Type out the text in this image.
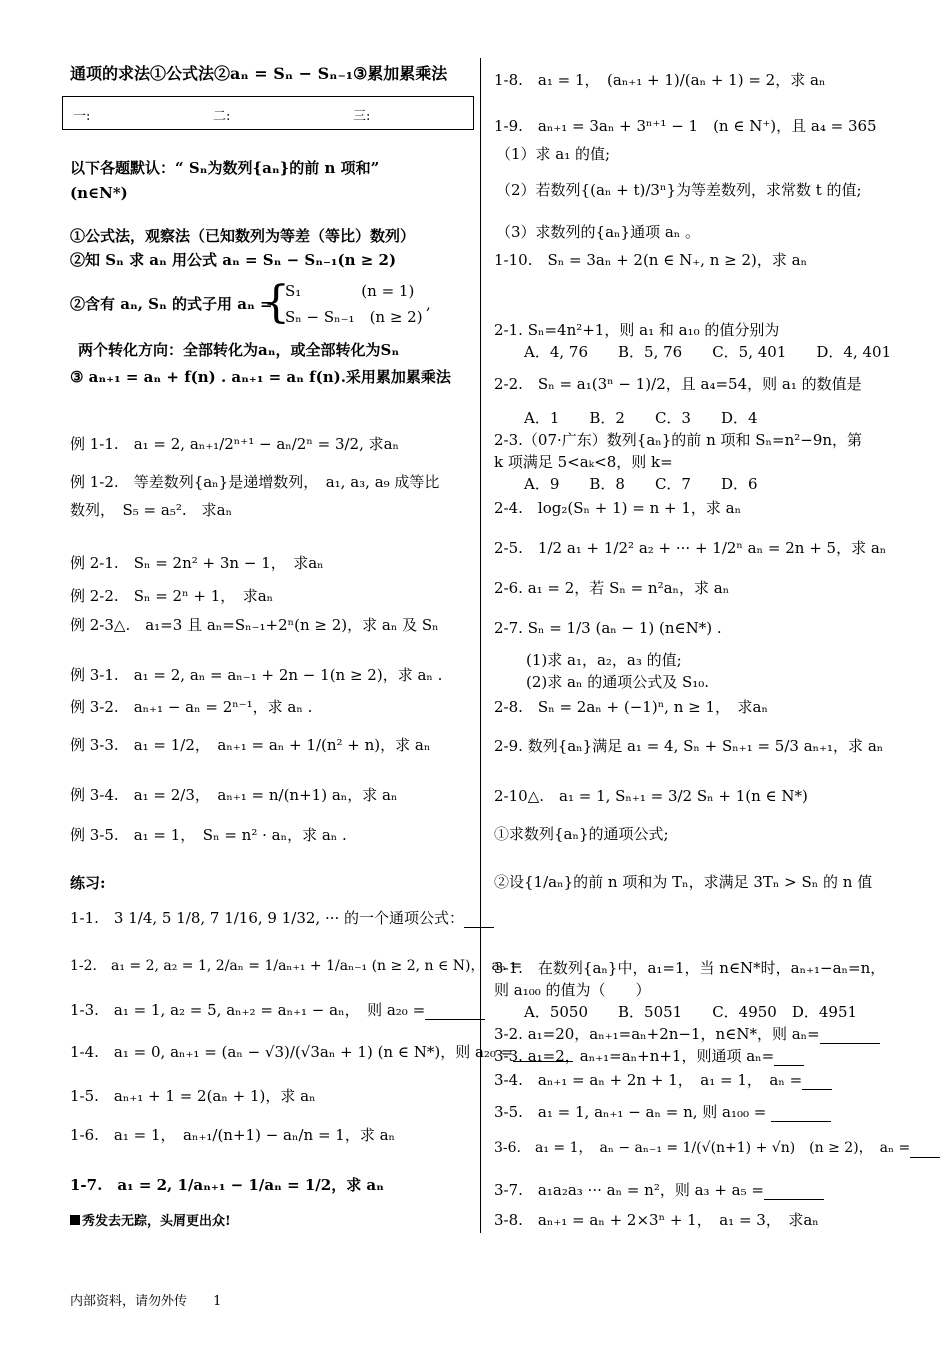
通项的求法①公式法②aₙ = Sₙ − Sₙ₋₁③累加累乘法
一:	二:	三:
以下各题默认：“ Sₙ为数列{aₙ}的前 n 项和”
(n∈N*)
①公式法，观察法（已知数列为等差（等比）数列）
②知 Sₙ 求 aₙ 用公式 aₙ = Sₙ − Sₙ₋₁(n ≥ 2)
②含有 aₙ, Sₙ 的式子用 aₙ =
{
S₁　　　　(n = 1)
Sₙ − Sₙ₋₁　(n ≥ 2)
,
两个转化方向：全部转化为aₙ，或全部转化为Sₙ
③ aₙ₊₁ = aₙ + f(n) . aₙ₊₁ = aₙ f(n).采用累加累乘法
例 1-1.　a₁ = 2, aₙ₊₁/2ⁿ⁺¹ − aₙ/2ⁿ = 3/2, 求aₙ
例 1-2.　等差数列{aₙ}是递增数列，　a₁, a₃, a₉ 成等比
数列，　S₅ = a₅².　求aₙ
例 2-1.　Sₙ = 2n² + 3n − 1，　求aₙ
例 2-2.　Sₙ = 2ⁿ + 1，　求aₙ
例 2-3△.　a₁=3 且 aₙ=Sₙ₋₁+2ⁿ(n ≥ 2)，求 aₙ 及 Sₙ
例 3-1.　a₁ = 2, aₙ = aₙ₋₁ + 2n − 1(n ≥ 2)，求 aₙ .
例 3-2.　aₙ₊₁ − aₙ = 2ⁿ⁻¹，求 aₙ .
例 3-3.　a₁ = 1/2，　aₙ₊₁ = aₙ + 1/(n² + n)，求 aₙ
例 3-4.　a₁ = 2/3，　aₙ₊₁ = n/(n+1) aₙ，求 aₙ
例 3-5.　a₁ = 1，　Sₙ = n² · aₙ，求 aₙ .
练习:
1-1.　3 1/4, 5 1/8, 7 1/16, 9 1/32, ··· 的一个通项公式：
1-2.　a₁ = 2, a₂ = 1, 2/aₙ = 1/aₙ₊₁ + 1/aₙ₋₁ (n ≥ 2, n ∈ N)，　aₙ =
1-3.　a₁ = 1, a₂ = 5, aₙ₊₂ = aₙ₊₁ − aₙ，　则 a₂₀ =
1-4.　a₁ = 0, aₙ₊₁ = (aₙ − √3)/(√3aₙ + 1) (n ∈ N*)，则 a₂₀ =
1-5.　aₙ₊₁ + 1 = 2(aₙ + 1)，求 aₙ
1-6.　a₁ = 1，　aₙ₊₁/(n+1) − aₙ/n = 1，求 aₙ
1-7.　a₁ = 2, 1/aₙ₊₁ − 1/aₙ = 1/2，求 aₙ
秀发去无踪，头屑更出众!
1-8.　a₁ = 1，　(aₙ₊₁ + 1)/(aₙ + 1) = 2，求 aₙ
1-9.　aₙ₊₁ = 3aₙ + 3ⁿ⁺¹ − 1　(n ∈ N⁺)，且 a₄ = 365
（1）求 a₁ 的值;
（2）若数列{(aₙ + t)/3ⁿ}为等差数列，求常数 t 的值;
（3）求数列的{aₙ}通项 aₙ 。
1-10.　Sₙ = 3aₙ + 2(n ∈ N₊, n ≥ 2)，求 aₙ
2-1. Sₙ=4n²+1，则 a₁ 和 a₁₀ 的值分别为
A．4, 76　　B．5, 76　　C．5, 401　　D．4, 401
2-2.　Sₙ = a₁(3ⁿ − 1)/2，且 a₄=54，则 a₁ 的数值是
A．1　　B．2　　C．3　　D．4
2-3.（07·广东）数列{aₙ}的前 n 项和 Sₙ=n²−9n，第
k 项满足 5<aₖ<8，则 k=
A．9　　B．8　　C．7　　D．6
2-4.　log₂(Sₙ + 1) = n + 1，求 aₙ
2-5.　1/2 a₁ + 1/2² a₂ + ··· + 1/2ⁿ aₙ = 2n + 5，求 aₙ
2-6. a₁ = 2，若 Sₙ = n²aₙ，求 aₙ
2-7. Sₙ = 1/3 (aₙ − 1) (n∈N*) .
(1)求 a₁，a₂，a₃ 的值;
(2)求 aₙ 的通项公式及 S₁₀.
2-8.　Sₙ = 2aₙ + (−1)ⁿ, n ≥ 1，　求aₙ
2-9. 数列{aₙ}满足 a₁ = 4, Sₙ + Sₙ₊₁ = 5/3 aₙ₊₁，求 aₙ
2-10△.　a₁ = 1, Sₙ₊₁ = 3/2 Sₙ + 1(n ∈ N*)
①求数列{aₙ}的通项公式;
②设{1/aₙ}的前 n 项和为 Tₙ，求满足 3Tₙ > Sₙ 的 n 值
3-1.　在数列{aₙ}中，a₁=1，当 n∈N*时，aₙ₊₁−aₙ=n，
则 a₁₀₀ 的值为（　　）
A．5050　　B．5051　　C．4950　D．4951
3-2. a₁=20，aₙ₊₁=aₙ+2n−1，n∈N*，则 aₙ=
3-3. a₁=2，aₙ₊₁=aₙ+n+1，则通项 aₙ=
3-4.　aₙ₊₁ = aₙ + 2n + 1，　a₁ = 1，　aₙ =
3-5.　a₁ = 1, aₙ₊₁ − aₙ = n, 则 a₁₀₀ =
3-6.　a₁ = 1，　aₙ − aₙ₋₁ = 1/(√(n+1) + √n)　(n ≥ 2)，　aₙ =
3-7.　a₁a₂a₃ ··· aₙ = n²，则 a₃ + a₅ =
3-8.　aₙ₊₁ = aₙ + 2×3ⁿ + 1，　a₁ = 3，　求aₙ
内部资料，请勿外传 1
